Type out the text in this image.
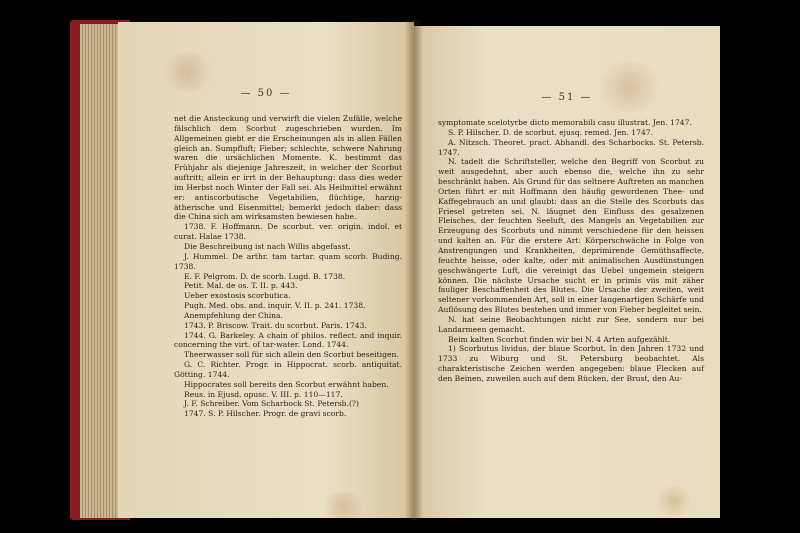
— 50 —

net die Ansteckung und verwirft die vielen Zufälle, welche fälschlich dem Scorbut zugeschrieben wurden. Im Allgemeinen giebt er die Erscheinungen als in allen Fällen gleich an. Sumpfluft; Fieber; schlechte, schwere Nahrung waren die ursächlichen Momente. K. bestimmt das Frühjahr als diejenige Jahreszeit, in welcher der Scorbut auftritt; allein er irrt in der Behauptung: dass dies weder im Herbst noch Winter der Fall sei. Als Heilmittel erwähnt er: antiscorbutische Vegetabilien, flüchtige, harzig-ätherische und Eisenmittel; bemerkt jedoch daber: dass die China sich am wirksamsten bewiesen habe.

1738. F. Hoffmann. De scorbut. ver. origin. indol. et curat. Halae 1738.

Die Beschreibung ist nach Willis abgefasst.

J. Hummel. De arthr. tam tartar. quam scorb. Buding. 1738.

E. F. Pelgrom. D. de scorb. Lugd. B. 1738.

Petit. Mal. de os. T. II. p. 443.

Ueber exostosis scorbutica.

Pugh. Med. obs. and. inquir. V. II. p. 241. 1738.

Anempfehlung der China.

1743. P. Briscow. Trait. du scorbut. Paris. 1743.

1744. G. Barkeley. A chain of philos. reflect. and inquir. concerning the virt. of tar-water. Lond. 1744.

Theerwasser soll für sich allein den Scorbut beseitigen.

G. C. Richter. Progr. in Hippocrat. scorb. antiquitat. Götting. 1744.

Hippocrates soll bereits den Scorbut erwähnt haben.

Reus. in Ejusd. opusc. V. III. p. 110—117.

J. F. Schreiber. Vom Scharbock St. Petersb.(?)

1747. S. P. Hilscher. Progr. de gravi scorb.

— 51 —

symptomate scelotyrbe dicto memorabili casu illustrat. Jen. 1747.

S. P. Hilscher. D. de scorbut. ejusq. remed. Jen. 1747.

A. Nitzsch. Theoret. pract. Abhandl. des Scharbocks. St. Petersb. 1747.

N. tadelt die Schriftsteller, welche den Begriff von Scorbut zu weit ausgedehnt, aber auch ebenso die, welche ihn zu sehr beschränkt haben. Als Grund für das seltnere Auftreten an manchen Orten führt er mit Hoffmann den häufig gewordenen Thee- und Kaffegebrauch an und glaubt: dass an die Stelle des Scorbuts das Friesel getreten sei. N. läugnet den Einfluss des gesalzenen Fleisches, der feuchten Seeluft, des Mangels an Vegetabilien zur Erzeugung des Scorbuts und nimmt verschiedene für den heissen und kalten an. Für die erstere Art: Körperschwäche in Folge von Anstrengungen und Krankheiten, deprimirende Gemüthsaffecte, feuchte heisse, oder kalte, oder mit animalischen Ausdünstungen geschwängerte Luft, die vereinigt das Uebel ungemein steigern können. Die nächste Ursache sucht er in primis viis mit zäher fauliger Beschaffenheit des Blutes. Die Ursache der zweiten, weit seltener vorkommenden Art, soll in einer laugenartigen Schärfe und Auflösung des Blutes bestehen und immer von Fieber begleitet sein.

N. hat seine Beobachtungen nicht zur See, sondern nur bei Landarmeen gemacht.

Beim kalten Scorbut finden wir bei N. 4 Arten aufgezählt.

1) Scorbutus lividus, der blaue Scorbut. In den Jahren 1732 und 1733 zu Wiburg und St. Petersburg beobachtet. Als charakteristische Zeichen werden angegeben: blaue Flecken auf den Beinen, zuweilen auch auf dem Rücken, der Brust, den Au-
